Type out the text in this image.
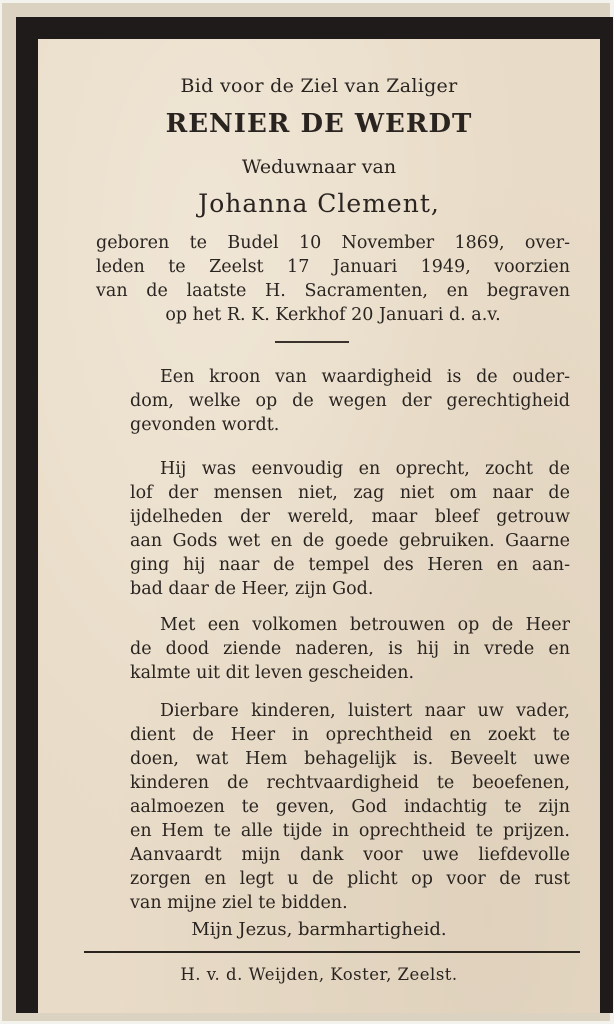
Bid voor de Ziel van Zaliger
RENIER DE WERDT
Weduwnaar van
Johanna Clement,
geboren te Budel 10 November 1869, over-
leden te Zeelst 17 Januari 1949, voorzien
van de laatste H. Sacramenten, en begraven
op het R. K. Kerkhof 20 Januari d. a.v.
Een kroon van waardigheid is de ouder-
dom, welke op de wegen der gerechtigheid
gevonden wordt.
Hij was eenvoudig en oprecht, zocht de
lof der mensen niet, zag niet om naar de
ijdelheden der wereld, maar bleef getrouw
aan Gods wet en de goede gebruiken. Gaarne
ging hij naar de tempel des Heren en aan-
bad daar de Heer, zijn God.
Met een volkomen betrouwen op de Heer
de dood ziende naderen, is hij in vrede en
kalmte uit dit leven gescheiden.
Dierbare kinderen, luistert naar uw vader,
dient de Heer in oprechtheid en zoekt te
doen, wat Hem behagelijk is. Beveelt uwe
kinderen de rechtvaardigheid te beoefenen,
aalmoezen te geven, God indachtig te zijn
en Hem te alle tijde in oprechtheid te prijzen.
Aanvaardt mijn dank voor uwe liefdevolle
zorgen en legt u de plicht op voor de rust
van mijne ziel te bidden.
Mijn Jezus, barmhartigheid.
H. v. d. Weijden, Koster, Zeelst.
